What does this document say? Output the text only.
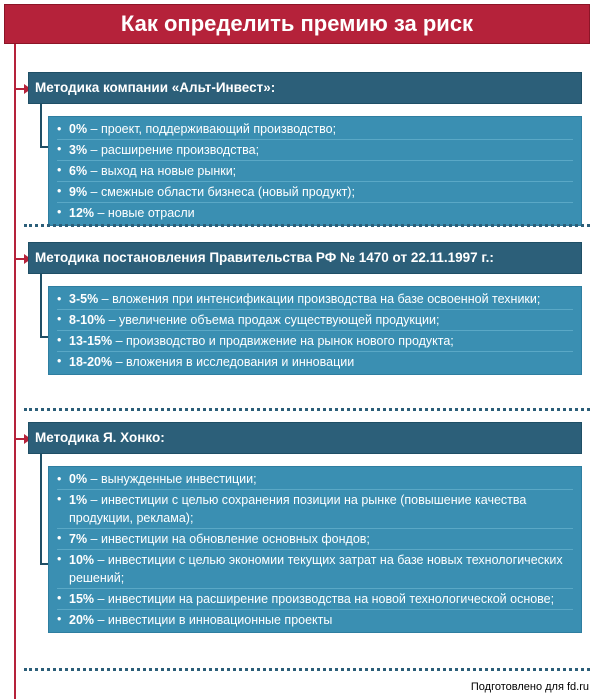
Как определить премию за риск
Методика компании «Альт-Инвест»:
• 0% – проект, поддерживающий производство;
• 3% – расширение производства;
• 6% – выход на новые рынки;
• 9% – смежные области бизнеса (новый продукт);
• 12% – новые отрасли
Методика постановления Правительства РФ № 1470 от 22.11.1997 г.:
• 3-5% – вложения при интенсификации производства на базе освоенной техники;
• 8-10% – увеличение объема продаж существующей продукции;
• 13-15% – производство и продвижение на рынок нового продукта;
• 18-20% – вложения в исследования и инновации
Методика Я. Хонко:
• 0% – вынужденные инвестиции;
• 1% – инвестиции с целью сохранения позиции на рынке (повышение качества продукции, реклама);
• 7% – инвестиции на обновление основных фондов;
• 10% – инвестиции с целью экономии текущих затрат на базе новых технологических решений;
• 15% – инвестиции на расширение производства на новой технологической основе;
• 20% – инвестиции в инновационные проекты
Подготовлено для fd.ru
